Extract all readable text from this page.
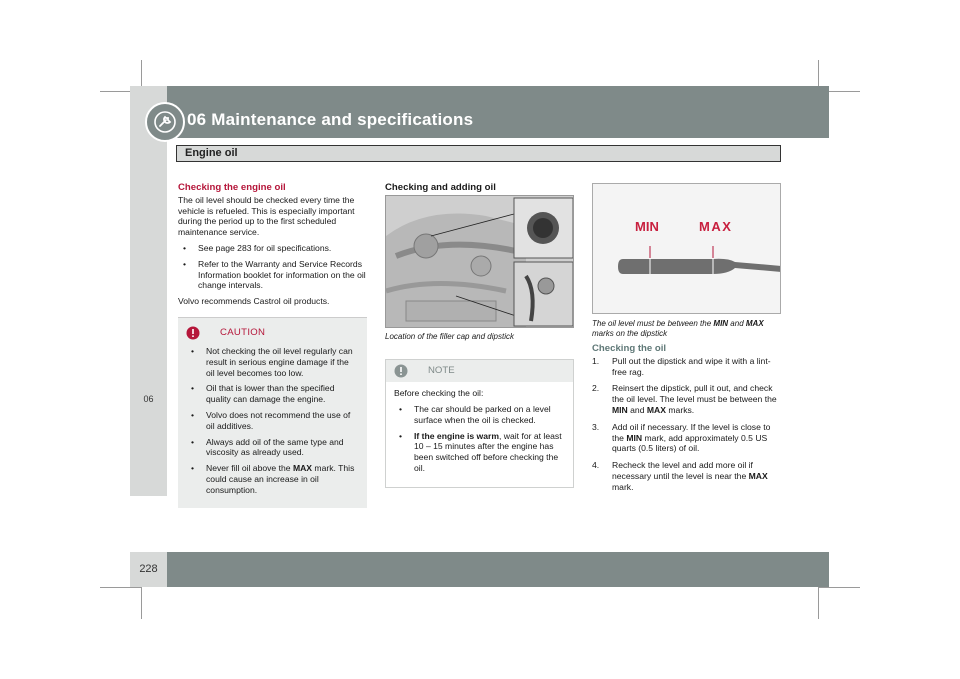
06
228
06 Maintenance and specifications
Engine oil
Checking the engine oil

The oil level should be checked every time the vehicle is refueled. This is especially important during the period up to the first scheduled maintenance service.

• See page 283 for oil specifications.
• Refer to the Warranty and Service Records Information booklet for information on the oil change intervals.

Volvo recommends Castrol oil products.

CAUTION
• Not checking the oil level regularly can result in serious engine damage if the oil level becomes too low.
• Oil that is lower than the specified quality can damage the engine.
• Volvo does not recommend the use of oil additives.
• Always add oil of the same type and viscosity as already used.
• Never fill oil above the MAX mark. This could cause an increase in oil consumption.
Checking and adding oil
Location of the filler cap and dipstick
NOTE

Before checking the oil:

• The car should be parked on a level surface when the oil is checked.
• If the engine is warm, wait for at least 10 – 15 minutes after the engine has been switched off before checking the oil.
MIN	MAX
The oil level must be between the MIN and MAX marks on the dipstick
Checking the oil
1. Pull out the dipstick and wipe it with a lint-free rag.
2. Reinsert the dipstick, pull it out, and check the oil level. The level must be between the MIN and MAX marks.
3. Add oil if necessary. If the level is close to the MIN mark, add approximately 0.5 US quarts (0.5 liters) of oil.
4. Recheck the level and add more oil if necessary until the level is near the MAX mark.
